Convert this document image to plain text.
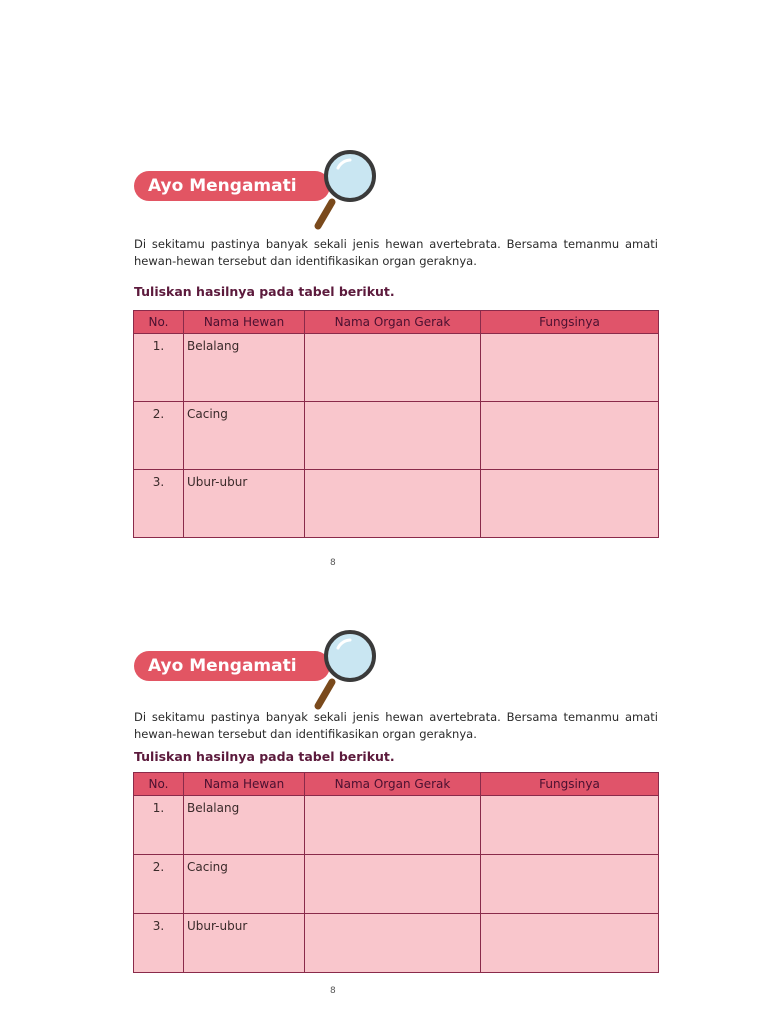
Ayo Mengamati
Di sekitamu pastinya banyak sekali jenis hewan avertebrata. Bersama temanmu amati hewan-hewan tersebut dan identifikasikan organ geraknya.
Tuliskan hasilnya pada tabel berikut.
No.	Nama Hewan	Nama Organ Gerak	Fungsinya
1.	Belalang		
2.	Cacing		
3.	Ubur-ubur		
8
Ayo Mengamati
Di sekitamu pastinya banyak sekali jenis hewan avertebrata. Bersama temanmu amati hewan-hewan tersebut dan identifikasikan organ geraknya.
Tuliskan hasilnya pada tabel berikut.
No.	Nama Hewan	Nama Organ Gerak	Fungsinya
1.	Belalang		
2.	Cacing		
3.	Ubur-ubur		
8
